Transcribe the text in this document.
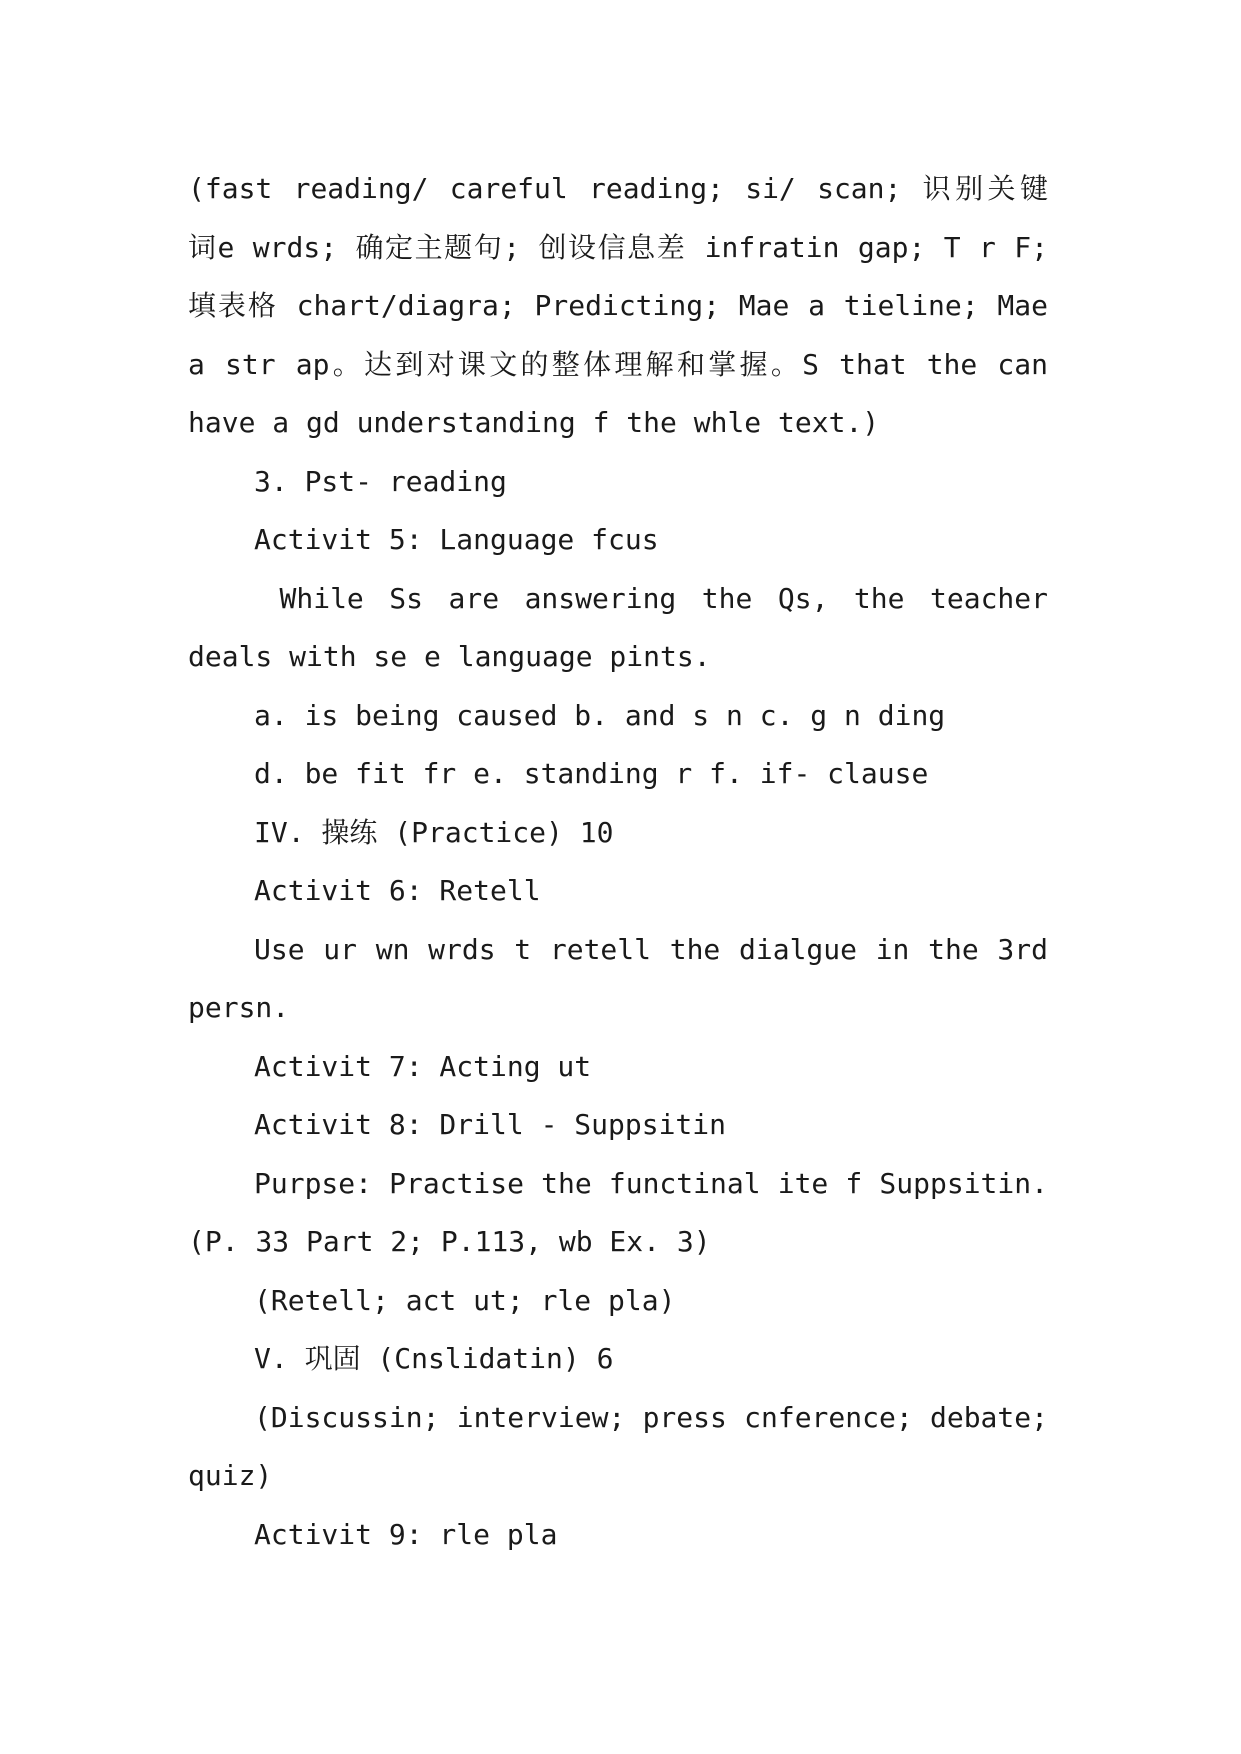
(fast reading/ careful reading; si/ scan; 识别关键
词e wrds; 确定主题句; 创设信息差 infratin gap; T r F;
填表格 chart/diagra; Predicting; Mae a tieline; Mae
a str ap。达到对课文的整体理解和掌握。S that the can
have a gd understanding f the whle text.)
3. Pst- reading
Activit 5: Language fcus
While Ss are answering the Qs, the teacher
deals with se e language pints.
a. is being caused b. and s n c. g n ding
d. be fit fr e. standing r f. if- clause
IV. 操练 (Practice) 10
Activit 6: Retell
Use ur wn wrds t retell the dialgue in the 3rd
persn.
Activit 7: Acting ut
Activit 8: Drill - Suppsitin
Purpse: Practise the functinal ite f Suppsitin.
(P. 33 Part 2; P.113, wb Ex. 3)
(Retell; act ut; rle pla)
V. 巩固 (Cnslidatin) 6
(Discussin; interview; press cnference; debate;
quiz)
Activit 9: rle pla
